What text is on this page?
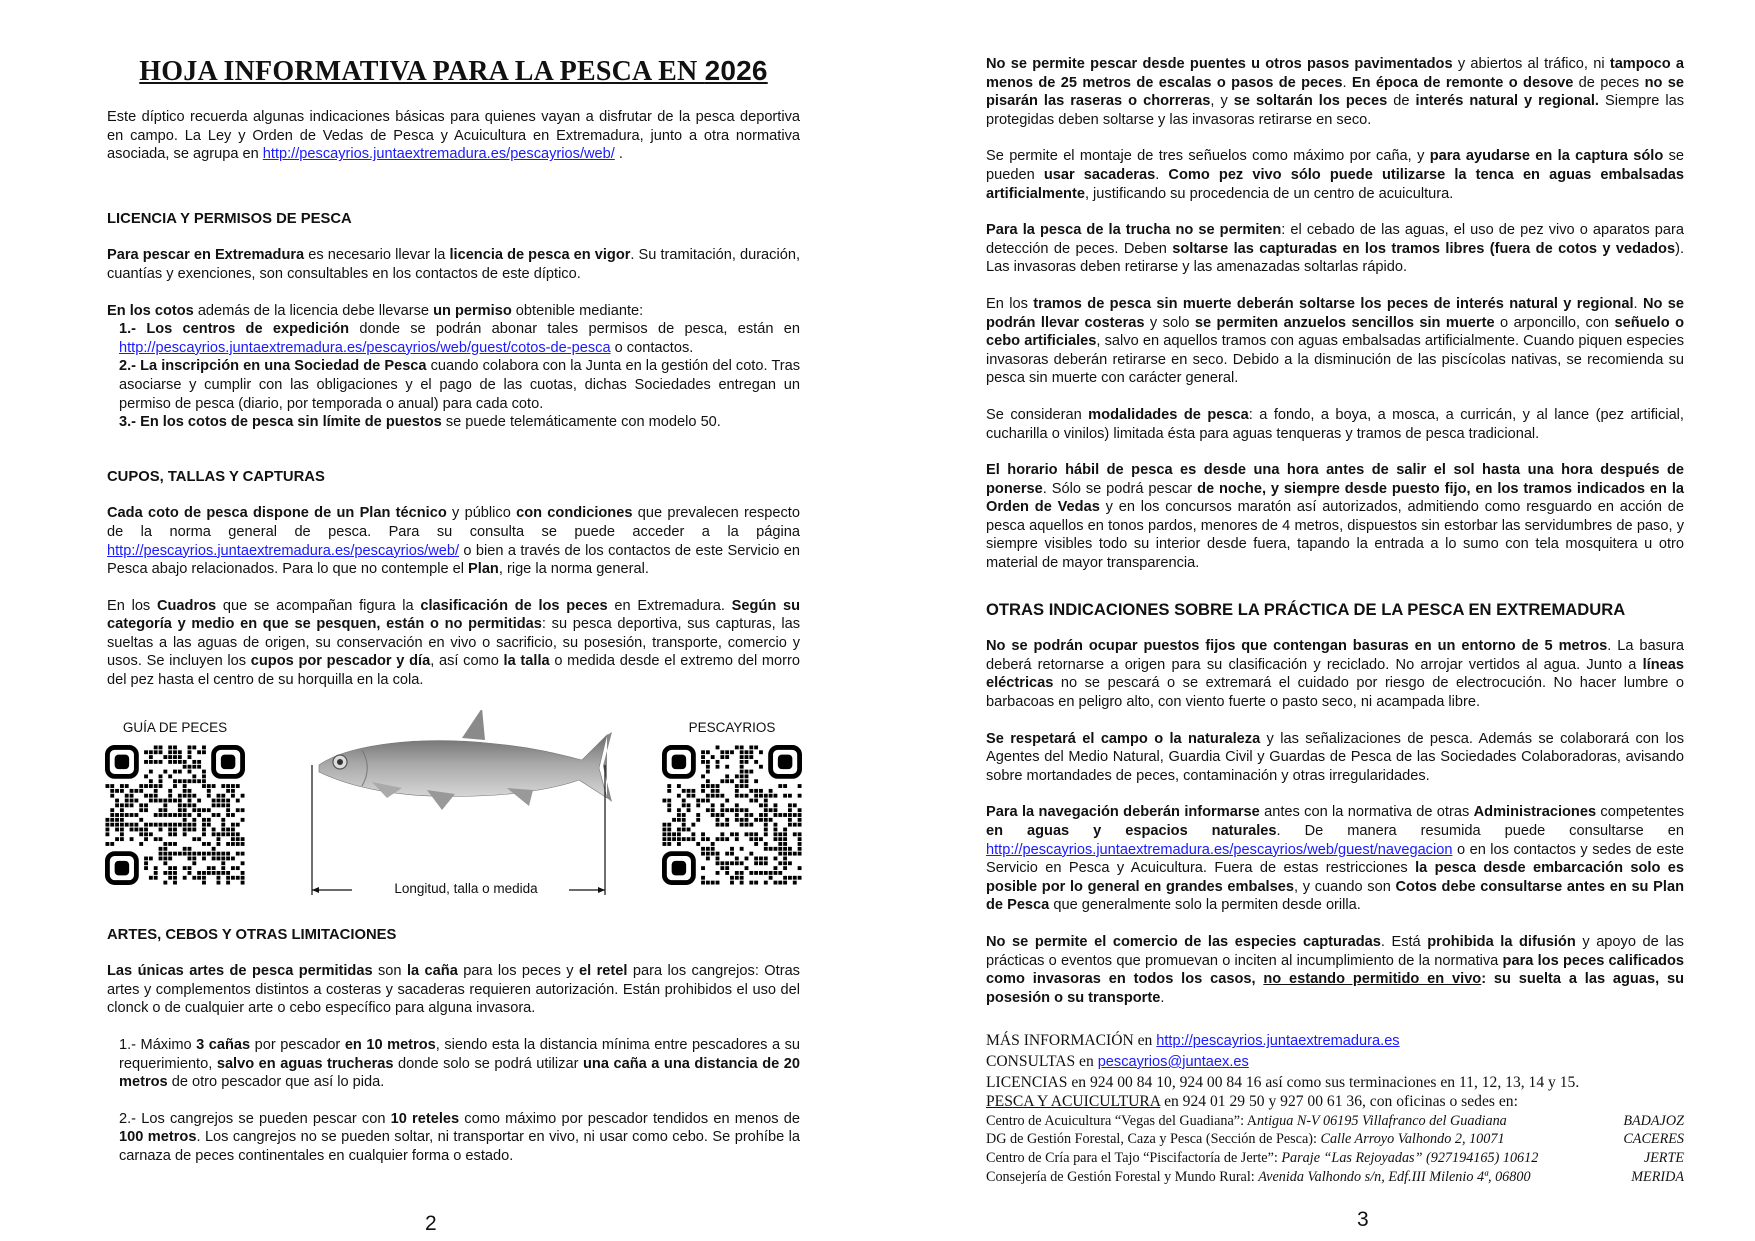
HOJA INFORMATIVA PARA LA PESCA EN 2026

Este díptico recuerda algunas indicaciones básicas para quienes vayan a disfrutar de la pesca deportiva en campo. La Ley y Orden de Vedas de Pesca y Acuicultura en Extremadura, junto a otra normativa asociada, se agrupa en http://pescayrios.juntaextremadura.es/pescayrios/web/ .

LICENCIA Y PERMISOS DE PESCA

Para pescar en Extremadura es necesario llevar la licencia de pesca en vigor. Su tramitación, duración, cuantías y exenciones, son consultables en los contactos de este díptico.

En los cotos además de la licencia debe llevarse un permiso obtenible mediante:

1.- Los centros de expedición donde se podrán abonar tales permisos de pesca, están en http://pescayrios.juntaextremadura.es/pescayrios/web/guest/cotos-de-pesca o contactos.

2.- La inscripción en una Sociedad de Pesca cuando colabora con la Junta en la gestión del coto. Tras asociarse y cumplir con las obligaciones y el pago de las cuotas, dichas Sociedades entregan un permiso de pesca (diario, por temporada o anual) para cada coto.

3.- En los cotos de pesca sin límite de puestos se puede telemáticamente con modelo 50.

CUPOS, TALLAS Y CAPTURAS

Cada coto de pesca dispone de un Plan técnico y público con condiciones que prevalecen respecto de la norma general de pesca. Para su consulta se puede acceder a la página http://pescayrios.juntaextremadura.es/pescayrios/web/ o bien a través de los contactos de este Servicio en Pesca abajo relacionados. Para lo que no contemple el Plan, rige la norma general.

En los Cuadros que se acompañan figura la clasificación de los peces en Extremadura. Según su categoría y medio en que se pesquen, están o no permitidas: su pesca deportiva, sus capturas, las sueltas a las aguas de origen, su conservación en vivo o sacrificio, su posesión, transporte, comercio y usos. Se incluyen los cupos por pescador y día, así como la talla o medida desde el extremo del morro del pez hasta el centro de su horquilla en la cola.

GUÍA DE PECES
Longitud, talla o medida
PESCAYRIOS

ARTES, CEBOS Y OTRAS LIMITACIONES

Las únicas artes de pesca permitidas son la caña para los peces y el retel para los cangrejos: Otras artes y complementos distintos a costeras y sacaderas requieren autorización. Están prohibidos el uso del clonck o de cualquier arte o cebo específico para alguna invasora.

1.- Máximo 3 cañas por pescador en 10 metros, siendo esta la distancia mínima entre pescadores a su requerimiento, salvo en aguas trucheras donde solo se podrá utilizar una caña a una distancia de 20 metros de otro pescador que así lo pida.

2.- Los cangrejos se pueden pescar con 10 reteles como máximo por pescador tendidos en menos de 100 metros. Los cangrejos no se pueden soltar, ni transportar en vivo, ni usar como cebo. Se prohíbe la carnaza de peces continentales en cualquier forma o estado.

2

No se permite pescar desde puentes u otros pasos pavimentados y abiertos al tráfico, ni tampoco a menos de 25 metros de escalas o pasos de peces. En época de remonte o desove de peces no se pisarán las raseras o chorreras, y se soltarán los peces de interés natural y regional. Siempre las protegidas deben soltarse y las invasoras retirarse en seco.

Se permite el montaje de tres señuelos como máximo por caña, y para ayudarse en la captura sólo se pueden usar sacaderas. Como pez vivo sólo puede utilizarse la tenca en aguas embalsadas artificialmente, justificando su procedencia de un centro de acuicultura.

Para la pesca de la trucha no se permiten: el cebado de las aguas, el uso de pez vivo o aparatos para detección de peces. Deben soltarse las capturadas en los tramos libres (fuera de cotos y vedados). Las invasoras deben retirarse y las amenazadas soltarlas rápido.

En los tramos de pesca sin muerte deberán soltarse los peces de interés natural y regional. No se podrán llevar costeras y solo se permiten anzuelos sencillos sin muerte o arponcillo, con señuelo o cebo artificiales, salvo en aquellos tramos con aguas embalsadas artificialmente. Cuando piquen especies invasoras deberán retirarse en seco. Debido a la disminución de las piscícolas nativas, se recomienda su pesca sin muerte con carácter general.

Se consideran modalidades de pesca: a fondo, a boya, a mosca, a curricán, y al lance (pez artificial, cucharilla o vinilos) limitada ésta para aguas tenqueras y tramos de pesca tradicional.

El horario hábil de pesca es desde una hora antes de salir el sol hasta una hora después de ponerse. Sólo se podrá pescar de noche, y siempre desde puesto fijo, en los tramos indicados en la Orden de Vedas y en los concursos maratón así autorizados, admitiendo como resguardo en acción de pesca aquellos en tonos pardos, menores de 4 metros, dispuestos sin estorbar las servidumbres de paso, y siempre visibles todo su interior desde fuera, tapando la entrada a lo sumo con tela mosquitera u otro material de mayor transparencia.

OTRAS INDICACIONES SOBRE LA PRÁCTICA DE LA PESCA EN EXTREMADURA

No se podrán ocupar puestos fijos que contengan basuras en un entorno de 5 metros. La basura deberá retornarse a origen para su clasificación y reciclado. No arrojar vertidos al agua. Junto a líneas eléctricas no se pescará o se extremará el cuidado por riesgo de electrocución. No hacer lumbre o barbacoas en peligro alto, con viento fuerte o pasto seco, ni acampada libre.

Se respetará el campo o la naturaleza y las señalizaciones de pesca. Además se colaborará con los Agentes del Medio Natural, Guardia Civil y Guardas de Pesca de las Sociedades Colaboradoras, avisando sobre mortandades de peces, contaminación y otras irregularidades.

Para la navegación deberán informarse antes con la normativa de otras Administraciones competentes en aguas y espacios naturales. De manera resumida puede consultarse en http://pescayrios.juntaextremadura.es/pescayrios/web/guest/navegacion o en los contactos y sedes de este Servicio en Pesca y Acuicultura. Fuera de estas restricciones la pesca desde embarcación solo es posible por lo general en grandes embalses, y cuando son Cotos debe consultarse antes en su Plan de Pesca que generalmente solo la permiten desde orilla.

No se permite el comercio de las especies capturadas. Está prohibida la difusión y apoyo de las prácticas o eventos que promuevan o inciten al incumplimiento de la normativa para los peces calificados como invasoras en todos los casos, no estando permitido en vivo: su suelta a las aguas, su posesión o su transporte.

MÁS INFORMACIÓN en http://pescayrios.juntaextremadura.es

CONSULTAS en pescayrios@juntaex.es

LICENCIAS en 924 00 84 10, 924 00 84 16 así como sus terminaciones en 11, 12, 13, 14 y 15.

PESCA Y ACUICULTURA en 924 01 29 50 y 927 00 61 36, con oficinas o sedes en:

Centro de Acuicultura “Vegas del Guadiana”: Antigua N-V 06195 Villafranco del Guadiana	BADAJOZ

DG de Gestión Forestal, Caza y Pesca (Sección de Pesca): Calle Arroyo Valhondo 2, 10071	CACERES

Centro de Cría para el Tajo “Piscifactoría de Jerte”: Paraje “Las Rejoyadas” (927194165) 10612	JERTE

Consejería de Gestión Forestal y Mundo Rural: Avenida Valhondo s/n, Edf.III Milenio 4ª, 06800	MERIDA

3
